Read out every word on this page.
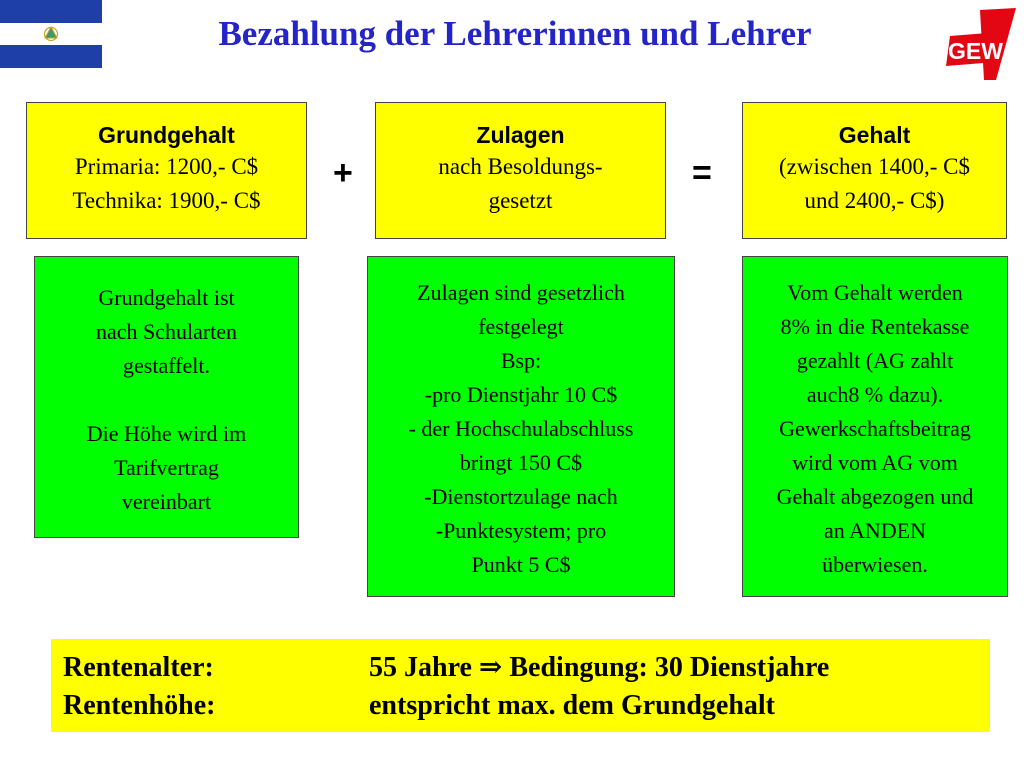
Bezahlung der Lehrerinnen und Lehrer	GEW
Grundgehalt
Primaria: 1200,- C$
Technika: 1900,- C$
+
Zulagen
nach Besoldungs-
gesetzt
=
Gehalt
(zwischen 1400,- C$
und 2400,- C$)
Grundgehalt ist
nach Schularten
gestaffelt.

Die Höhe wird im
Tarifvertrag
vereinbart
Zulagen sind gesetzlich
festgelegt
Bsp:
-pro Dienstjahr 10 C$
- der Hochschulabschluss
bringt 150 C$
-Dienstortzulage nach
-Punktesystem; pro
Punkt 5 C$
Vom Gehalt werden
8% in die Rentekasse
gezahlt (AG zahlt
auch8 % dazu).
Gewerkschaftsbeitrag
wird vom AG vom
Gehalt abgezogen und
an ANDEN
überwiesen.
Rentenalter:	55 Jahre ⇒ Bedingung: 30 Dienstjahre
Rentenhöhe:	entspricht max. dem Grundgehalt
